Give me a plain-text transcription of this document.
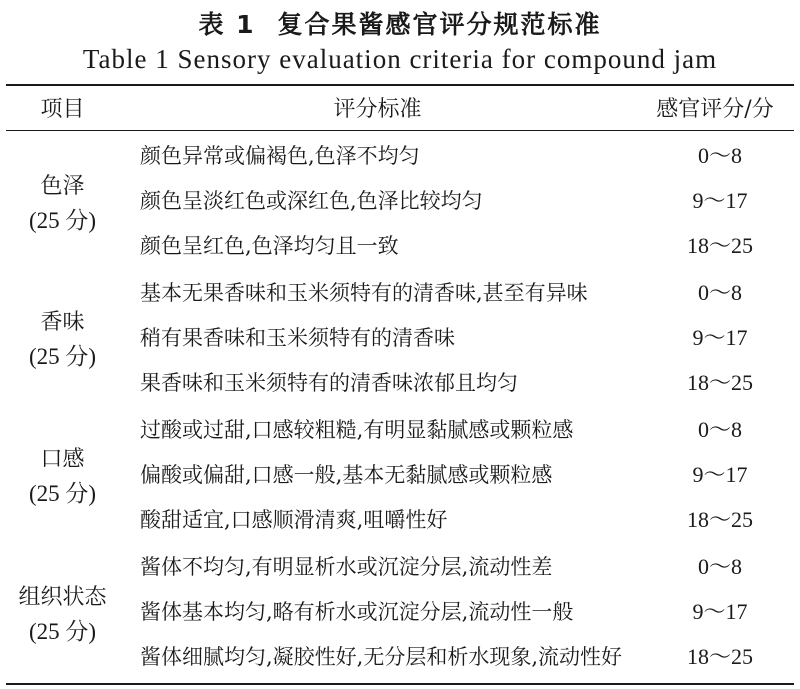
表 1 复合果酱感官评分规范标准
Table 1 Sensory evaluation criteria for compound jam
项目	评分标准	感官评分/分
色泽
(25 分)
颜色异常或偏褐色,色泽不均匀	0～8
颜色呈淡红色或深红色,色泽比较均匀	9～17
颜色呈红色,色泽均匀且一致	18～25
香味
(25 分)
基本无果香味和玉米须特有的清香味,甚至有异味	0～8
稍有果香味和玉米须特有的清香味	9～17
果香味和玉米须特有的清香味浓郁且均匀	18～25
口感
(25 分)
过酸或过甜,口感较粗糙,有明显黏腻感或颗粒感	0～8
偏酸或偏甜,口感一般,基本无黏腻感或颗粒感	9～17
酸甜适宜,口感顺滑清爽,咀嚼性好	18～25
组织状态
(25 分)
酱体不均匀,有明显析水或沉淀分层,流动性差	0～8
酱体基本均匀,略有析水或沉淀分层,流动性一般	9～17
酱体细腻均匀,凝胶性好,无分层和析水现象,流动性好	18～25
